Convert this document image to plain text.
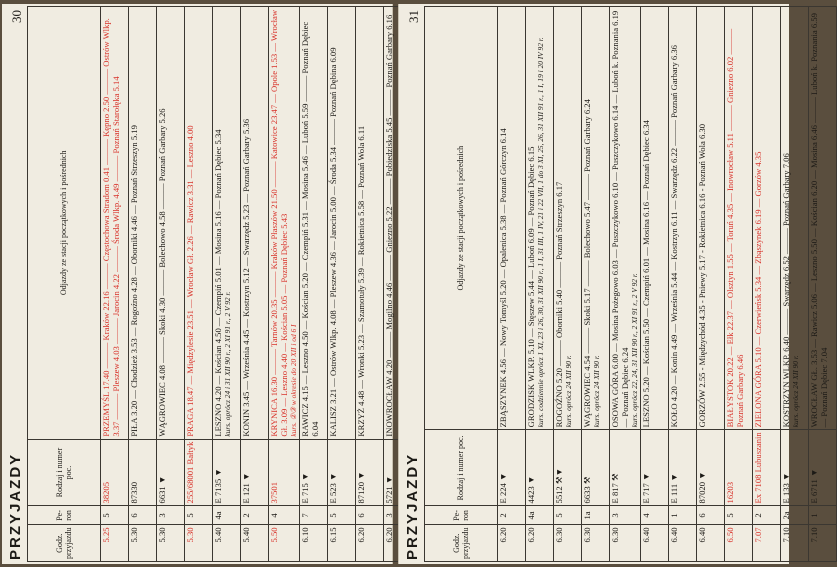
PRZYJAZDY
30
Godz. przyjazdu	Pe-ron	Rodzaj i numer poc.	Odjazdy ze stacji początkowych i pośrednich
5.25	5	38205	PRZEMYŚL 17.40 ——— Kraków 22.16 ——— Częstochowa Stradom 0.41 ——— Kępno 2.50 ——— Ostrów Wlkp. 3.37 ——— Pleszew 4.03 ——— Jarocin 4.22 ——— Środa Wlkp. 4.49 ——— Poznań Starołęka 5.14

5.30	6	87330	PIŁA 3.20 — Chodzież 3.53 — Rogoźno 4.28 — Oborniki 4.46 — Poznań Strzeszyn 5.19

5.30	3	6631 ▼	WĄGROWIEC 4.08 ——— Skoki 4.30 ——— Bolechowo 4.58 ——— Poznań Garbary 5.26

5.30	5	255/68001 Bałtyk	PRAGA 18.47 — Międzylesie 23.51 — Wrocław Gł. 2.26 — Rawicz 3.31 — Leszno 4.00

5.40	4a	E 7135 ▼	LESZNO 4.20 — Kościan 4.50 — Czempiń 5.01 — Mosina 5.16 — Poznań Dębiec 5.34 kurs. oprócz 24 i 31 XII 90 r., 2 XI 91 r., 2 V 92 r.

5.40	2	E 121 ▼	KONIN 3.45 — Września 4.45 — Kostrzyn 5.12 — Swarzędz 5.23 — Poznań Garbary 5.36

5.50	4	37501	KRYNICA 16.30 ——— Tarnów 20.35 ——— Kraków Płaszów 21.50 ——— Katowice 23.47 — Opole 1.53 — Wrocław Gł. 3.09 — Leszno 4.40 — Kościan 5.05 — Poznań Dębiec 5.43 kurs. ②③ w okresie do 20 XII i od 6 I

6.10	7	E 715 ▼	RAWICZ 4.15 — Leszno 4.50 — Kościan 5.20 — Czempiń 5.31 — Mosina 5.46 — Luboń 5.59 ——— Poznań Dębiec 6.04

6.15	5	E 523 ▼	KALISZ 3.21 — Ostrów Wlkp. 4.08 — Pleszew 4.36 — Jarocin 5.00 — Środa 5.34 ——— Poznań Dębina 6.09

6.20	6	87120 ▼	KRZYŻ 4.48 — Wronki 5.23 — Szamotuły 5.39 — Rokietnica 5.58 — Poznań Wola 6.11

6.20	3	5721 ▼	INOWROCŁAW 4.20 ——— Mogilno 4.46 ——— Gniezno 5.22 ——— Pobiedziska 5.45 ——— Poznań Garbary 6.16
PRZYJAZDY
31
Godz. przyjazdu	Pe-ron	Rodzaj i numer poc.	Odjazdy ze stacji początkowych i pośrednich
6.20	2	E 224 ▼	ZBĄSZYNEK 4.56 — Nowy Tomyśl 5.20 — Opalenica 5.38 — Poznań Górczyn 6.14

6.20	4a	4423 ▼	GRODZISK WLKP. 5.10 — Stęszew 5.44 — Luboń 6.09 — Poznań Dębiec 6.15 kurs. codziennie oprócz 1 XI, 23 i 26, 30, 31 XII 90 r., 1 I, 31 III, 1 IV, 21 i 22 VII, 1 do 3 XI, 25, 26, 31 XII 91 r., 1 I, 19 i 20 IV 92 r.

6.30	5	5512 ⚒▼	ROGOŹNO 5.20 ——— Oborniki 5.40 ——— Poznań Strzeszyn 6.17 kurs. oprócz 24 XII 90 r.

6.30	1a	6633 ⚒	WĄGROWIEC 4.54 ——— Skoki 5.17 ——— Bolechowo 5.47 ——— Poznań Garbary 6.24 kurs. oprócz 24 XII 90 r.

6.30	3	E 817 ⚒	OSOWA GÓRA 6.00 — Mosina Pożegowo 6.03 — Puszczykowo 6.10 — Puszczykowo 6.14 — Luboń k. Poznania 6.19 — Poznań Dębiec 6.24 kurs. oprócz 22, 24, 31 XII 90 r., 2 XI 91 r., 2 V 92 r.

6.40	4	E 717 ▼	LESZNO 5.20 — Kościan 5.50 — Czempiń 6.01 — Mosina 6.16 — Poznań Dębiec 6.34

6.40	1	E 111 ▼	KOŁO 4.20 — Konin 4.49 — Września 5.44 — Kostrzyn 6.11 — Swarzędz 6.22 ——— Poznań Garbary 6.36

6.40	6	87020 ▼	GORZÓW 2.55 - Międzychód 4.35 - Pniewy 5.17 - Rokietnica 6.16 - Poznań Wola 6.30

6.50	5	16203	BIAŁYSTOK 20.22 — Ełk 22.37 — Olsztyn 1.55 — Toruń 4.35 — Inowrocław 5.11 ——— Gniezno 6.02 ——— Poznań Garbary 6.46

7.07	2	Ex 7108 Lubuszanin	ZIELONA GÓRA 5.10 — Czerwieńsk 5.34 — Zbąszynek 6.19 — Gorzów 4.35

7.10	2a	E 133 ▼	KOSTRZYN WLKP. 6.40 ——— Swarzędz 6.52 ——— Poznań Garbary 7.06 kurs. oprócz 24 XII 90 r.

7.10	1	E 6711 ▼	WROCŁAW GŁ. 3.53 — Rawicz 5.06 — Leszno 5.50 — Kościan 6.20 — Mosina 6.46 ——— Luboń k. Poznania 6.59 — Poznań Dębiec 7.04
